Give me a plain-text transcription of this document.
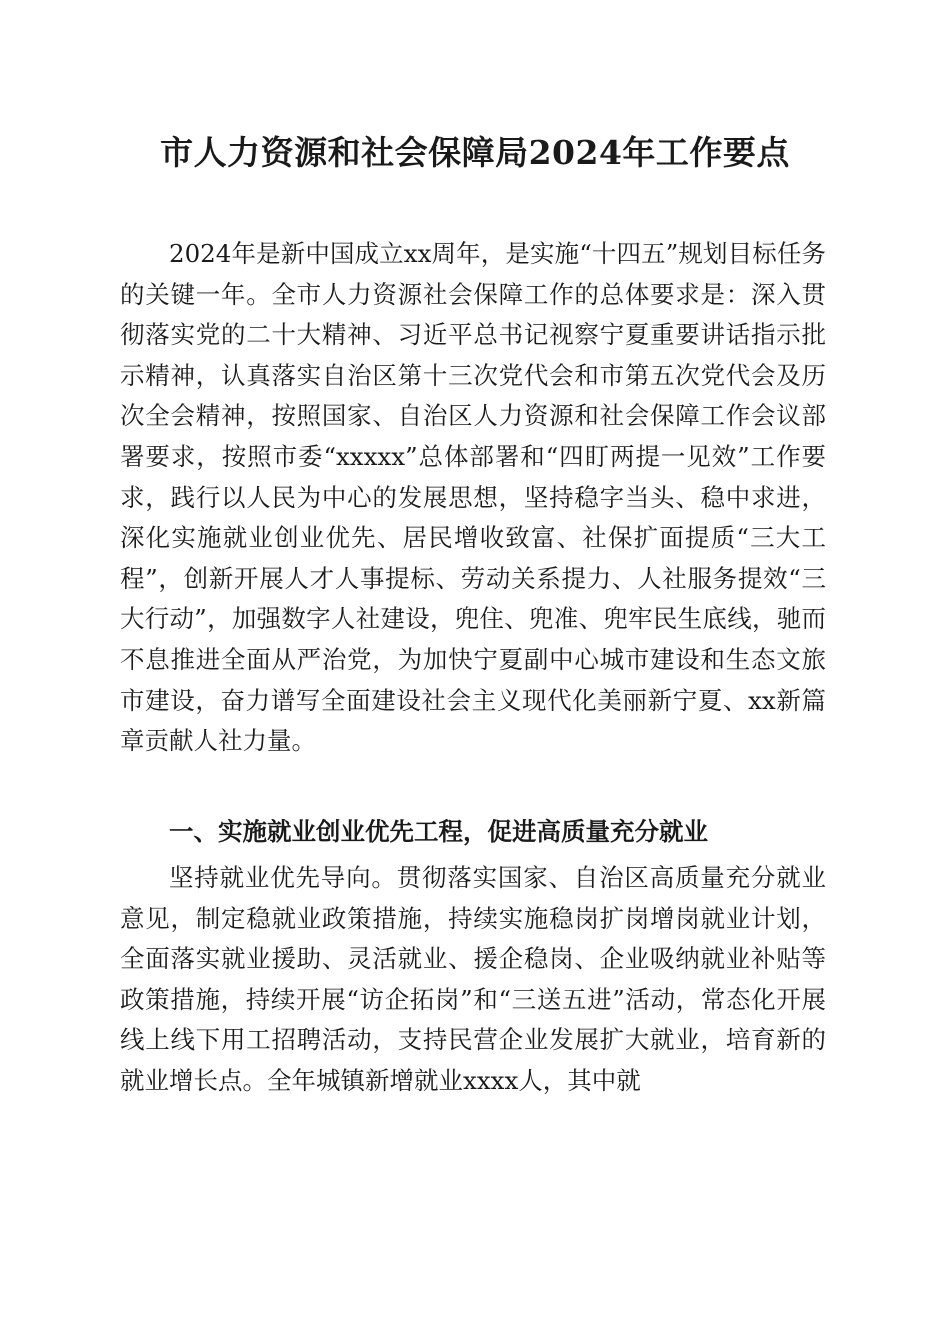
市人力资源和社会保障局2024年工作要点

2024年是新中国成立xx周年，是实施“十四五”规划目标任务的关键一年。全市人力资源社会保障工作的总体要求是：深入贯彻落实党的二十大精神、习近平总书记视察宁夏重要讲话指示批示精神，认真落实自治区第十三次党代会和市第五次党代会及历次全会精神，按照国家、自治区人力资源和社会保障工作会议部署要求，按照市委“xxxxx”总体部署和“四盯两提一见效”工作要求，践行以人民为中心的发展思想，坚持稳字当头、稳中求进，深化实施就业创业优先、居民增收致富、社保扩面提质“三大工程”，创新开展人才人事提标、劳动关系提力、人社服务提效“三大行动”，加强数字人社建设，兜住、兜准、兜牢民生底线，驰而不息推进全面从严治党，为加快宁夏副中心城市建设和生态文旅市建设，奋力谱写全面建设社会主义现代化美丽新宁夏、xx新篇章贡献人社力量。

一、实施就业创业优先工程，促进高质量充分就业

坚持就业优先导向。贯彻落实国家、自治区高质量充分就业意见，制定稳就业政策措施，持续实施稳岗扩岗增岗就业计划，全面落实就业援助、灵活就业、援企稳岗、企业吸纳就业补贴等政策措施，持续开展“访企拓岗”和“三送五进”活动，常态化开展线上线下用工招聘活动，支持民营企业发展扩大就业，培育新的就业增长点。全年城镇新增就业xxxx人，其中就
